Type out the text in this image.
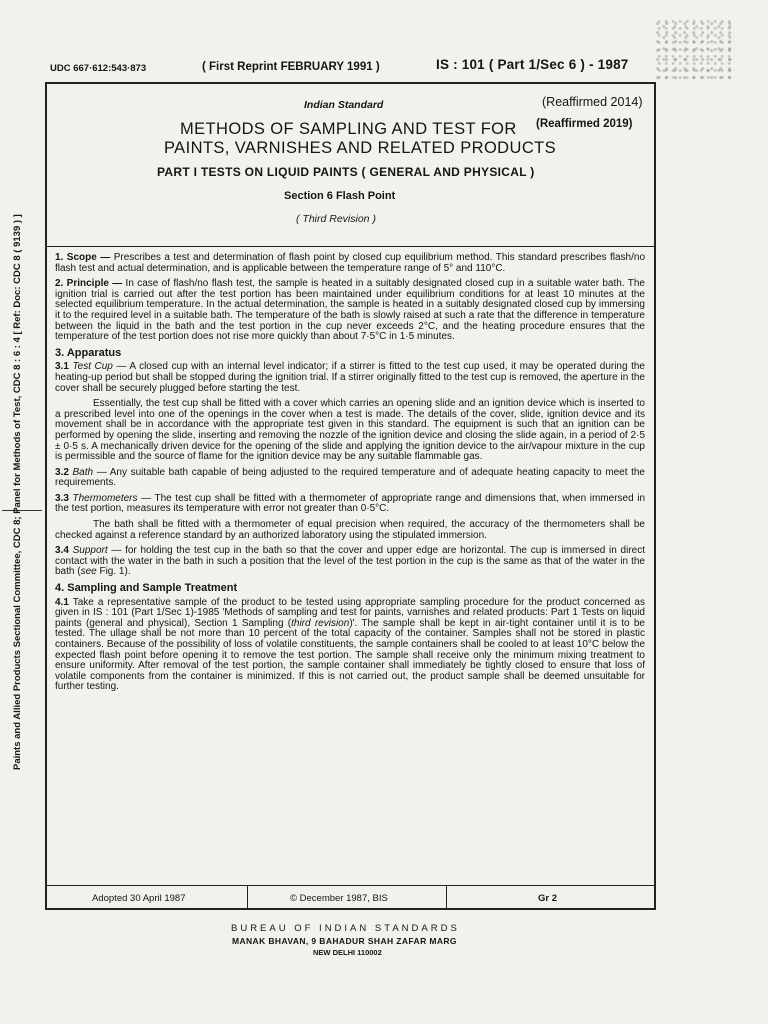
UDC 667·612:543·873	( First Reprint FEBRUARY 1991 )	IS : 101 ( Part 1/Sec 6 ) - 1987
Indian Standard	(Reaffirmed 2014)
(Reaffirmed 2019)
METHODS OF SAMPLING AND TEST FOR
PAINTS, VARNISHES AND RELATED PRODUCTS
PART I TESTS ON LIQUID PAINTS ( GENERAL AND PHYSICAL )
Section 6 Flash Point
( Third Revision )
Paints and Allied Products Sectional Committee, CDC 8; Panel for Methods of Test, CDC 8 : 6 : 4 [ Ref: Doc: CDC 8 ( 9139 ) ]	1. Scope — Prescribes a test and determination of flash point by closed cup equilibrium method. This standard prescribes flash/no flash test and actual determination, and is applicable between the temperature range of 5° and 110°C.

2. Principle — In case of flash/no flash test, the sample is heated in a suitably designated closed cup in a suitable water bath. The ignition trial is carried out after the test portion has been maintained under equilibrium conditions for at least 10 minutes at the selected equilibrium temperature. In the actual determination, the sample is heated in a suitably designated closed cup by immersing it to the required level in a suitable bath. The temperature of the bath is slowly raised at such a rate that the difference in temperature between the liquid in the bath and the test portion in the cup never exceeds 2°C, and the heating procedure ensures that the temperature of the test portion does not rise more quickly than about 7·5°C in 1·5 minutes.

3. Apparatus

3.1 Test Cup — A closed cup with an internal level indicator; if a stirrer is fitted to the test cup used, it may be operated during the heating-up period but shall be stopped during the ignition trial. If a stirrer originally fitted to the test cup is removed, the aperture in the cover shall be securely plugged before starting the test.

Essentially, the test cup shall be fitted with a cover which carries an opening slide and an ignition device which is inserted to a prescribed level into one of the openings in the cover when a test is made. The details of the cover, slide, ignition device and its movement shall be in accordance with the appropriate test given in this standard. The equipment is such that an ignition can be performed by opening the slide, inserting and removing the nozzle of the ignition device and closing the slide again, in a period of 2·5 ± 0·5 s. A mechanically driven device for the opening of the slide and applying the ignition device to the air/vapour mixture in the cup is permissible and the source of flame for the ignition device may be any suitable flammable gas.

3.2 Bath — Any suitable bath capable of being adjusted to the required temperature and of adequate heating capacity to meet the requirements.

3.3 Thermometers — The test cup shall be fitted with a thermometer of appropriate range and dimensions that, when immersed in the test portion, measures its temperature with error not greater than 0·5°C.

The bath shall be fitted with a thermometer of equal precision when required, the accuracy of the thermometers shall be checked against a reference standard by an authorized laboratory using the stipulated immersion.

3.4 Support — for holding the test cup in the bath so that the cover and upper edge are horizontal. The cup is immersed in direct contact with the water in the bath in such a position that the level of the test portion in the cup is the same as that of the water in the bath (see Fig. 1).

4. Sampling and Sample Treatment

4.1 Take a representative sample of the product to be tested using appropriate sampling procedure for the product concerned as given in IS : 101 (Part 1/Sec 1)-1985 'Methods of sampling and test for paints, varnishes and related products: Part 1 Tests on liquid paints (general and physical), Section 1 Sampling (third revision)'. The sample shall be kept in air-tight container until it is to be tested. The ullage shall be not more than 10 percent of the total capacity of the container. Samples shall not be stored in plastic containers. Because of the possibility of loss of volatile constituents, the sample containers shall be cooled to at least 10°C below the expected flash point before opening it to remove the test portion. The sample shall receive only the minimum mixing treatment to ensure uniformity. After removal of the test portion, the sample container shall immediately be tightly closed to ensure that loss of volatile components from the container is minimized. If this is not carried out, the product sample shall be deemed unsuitable for further testing.

Adopted 30 April 1987	© December 1987, BIS	Gr 2
BUREAU OF INDIAN STANDARDS
MANAK BHAVAN, 9 BAHADUR SHAH ZAFAR MARG
NEW DELHI 110002
